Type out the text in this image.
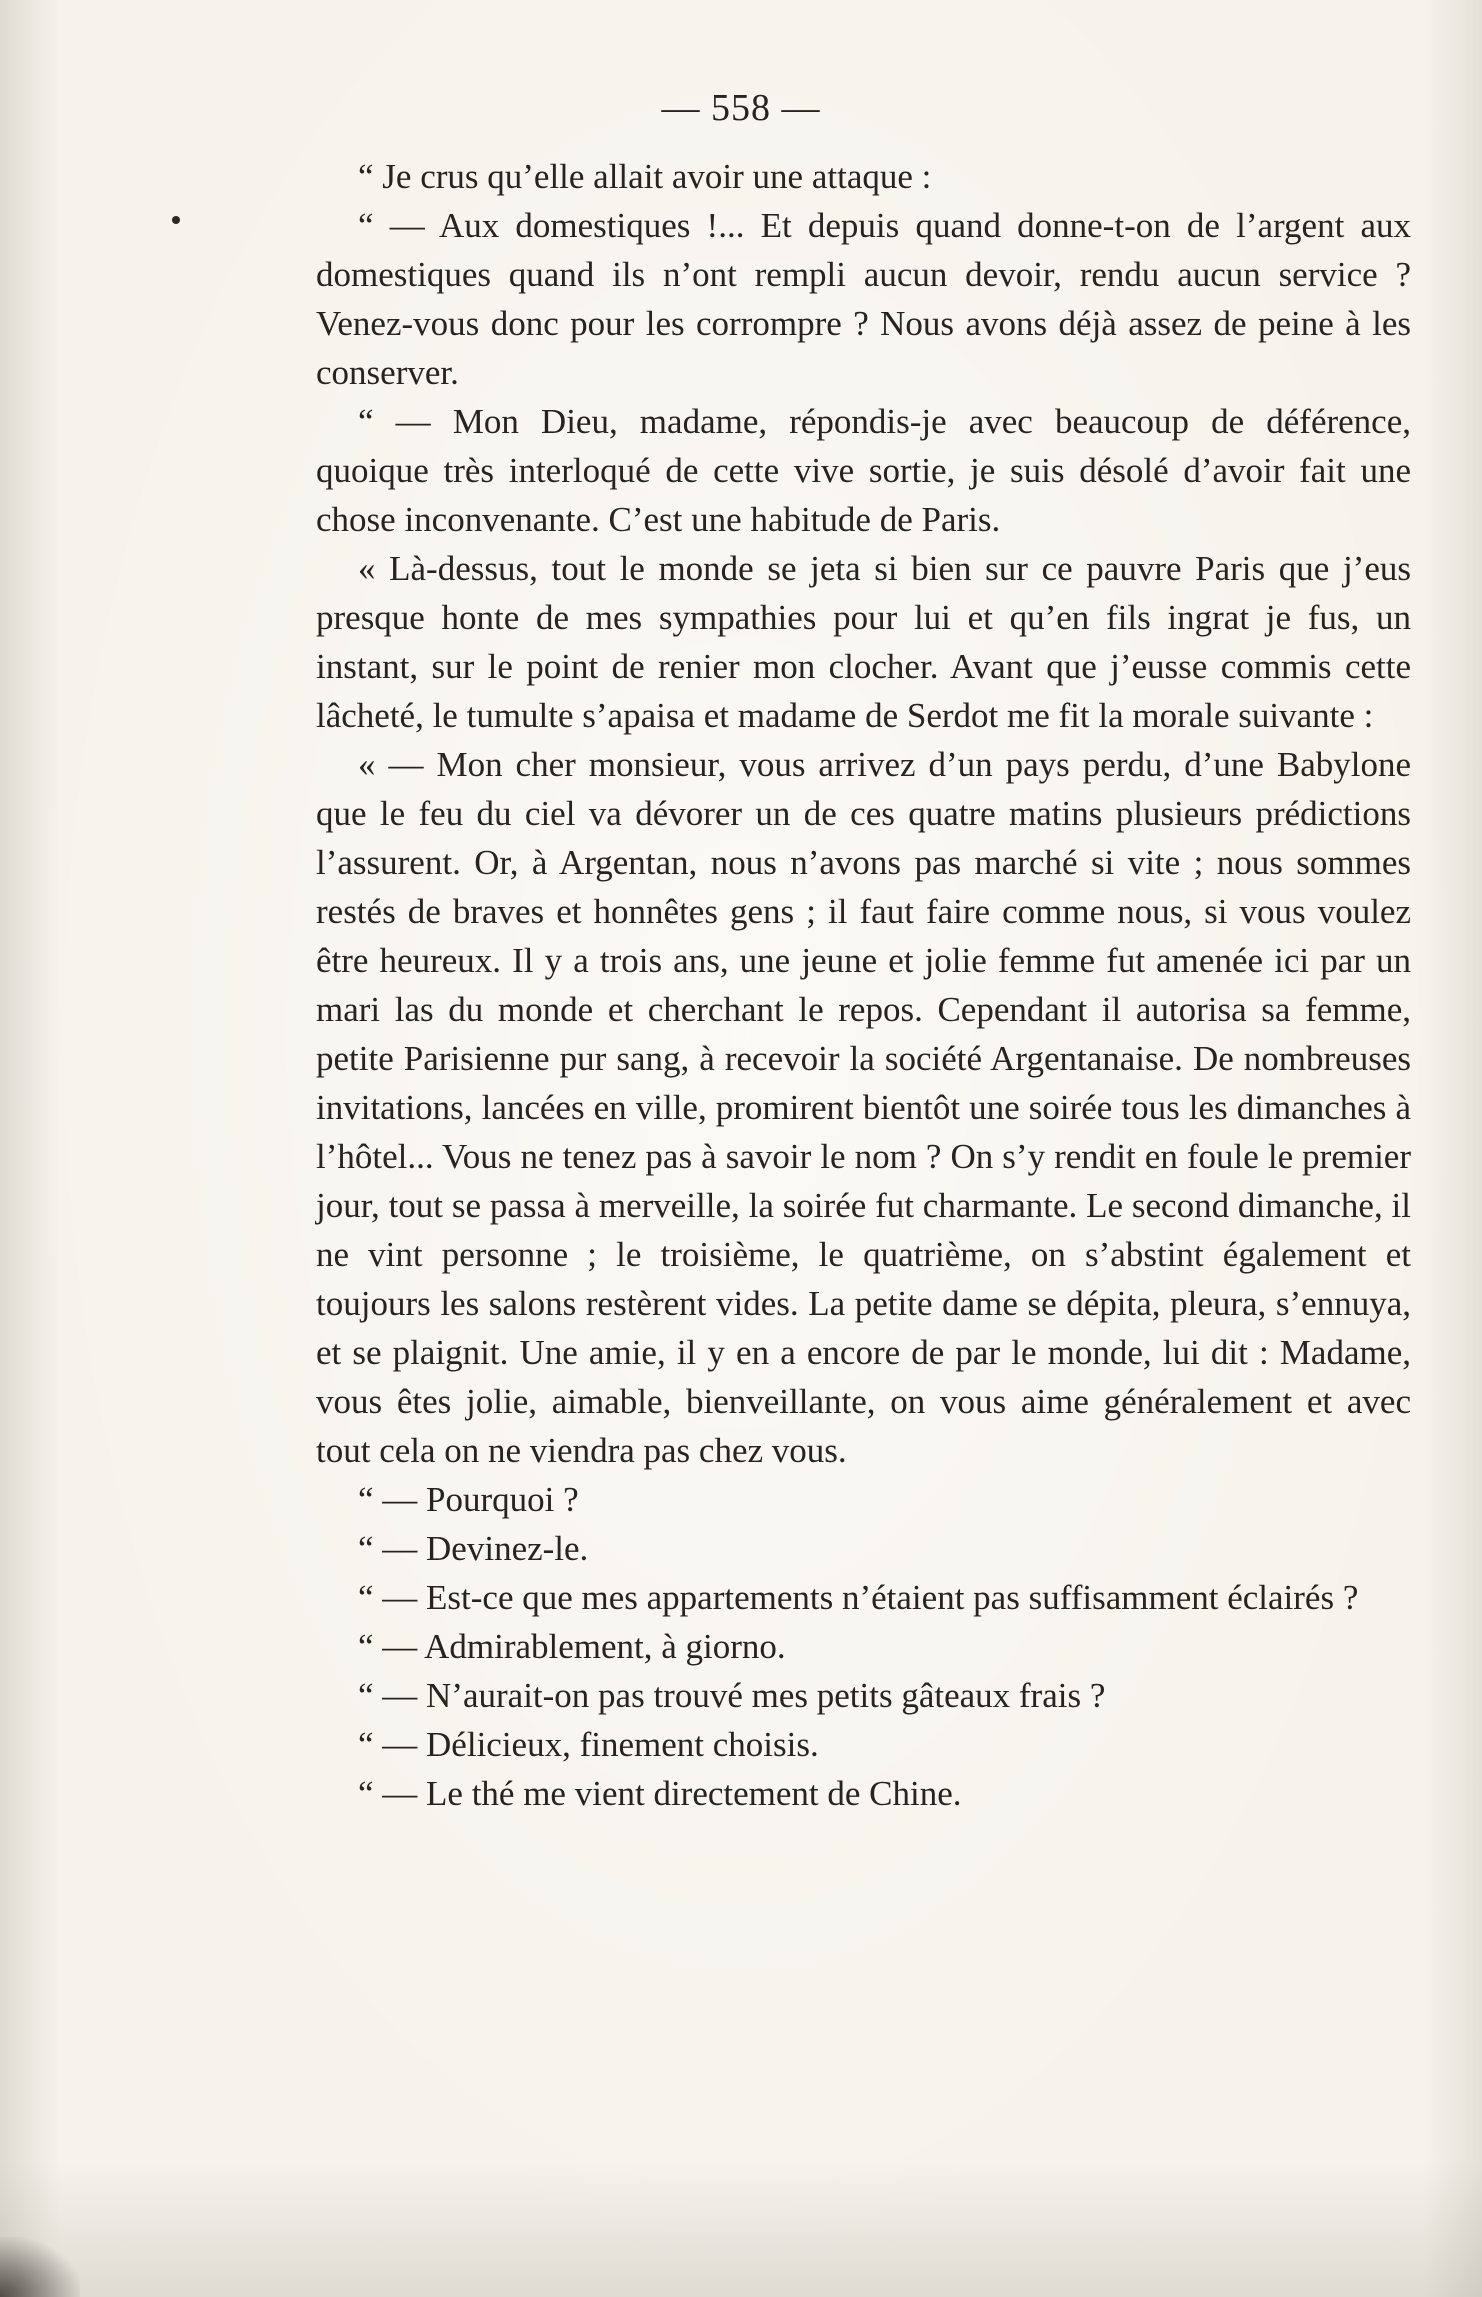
— 558 —

“ Je crus qu’elle allait avoir une attaque :

“ — Aux domestiques !... Et depuis quand donne-t-on de l’argent aux domestiques quand ils n’ont rempli aucun devoir, rendu aucun service ? Venez-vous donc pour les corrompre ? Nous avons déjà assez de peine à les conserver.

“ — Mon Dieu, madame, répondis-je avec beaucoup de déférence, quoique très interloqué de cette vive sortie, je suis désolé d’avoir fait une chose inconvenante. C’est une habitude de Paris.

« Là-dessus, tout le monde se jeta si bien sur ce pauvre Paris que j’eus presque honte de mes sympathies pour lui et qu’en fils ingrat je fus, un instant, sur le point de renier mon clocher. Avant que j’eusse commis cette lâcheté, le tumulte s’apaisa et madame de Serdot me fit la morale suivante :

« — Mon cher monsieur, vous arrivez d’un pays perdu, d’une Babylone que le feu du ciel va dévorer un de ces quatre matins plusieurs prédictions l’assurent. Or, à Argentan, nous n’avons pas marché si vite ; nous sommes restés de braves et honnêtes gens ; il faut faire comme nous, si vous voulez être heureux. Il y a trois ans, une jeune et jolie femme fut amenée ici par un mari las du monde et cherchant le repos. Cependant il autorisa sa femme, petite Parisienne pur sang, à recevoir la société Argentanaise. De nombreuses invitations, lancées en ville, promirent bientôt une soirée tous les dimanches à l’hôtel... Vous ne tenez pas à savoir le nom ? On s’y rendit en foule le premier jour, tout se passa à merveille, la soirée fut charmante. Le second dimanche, il ne vint personne ; le troisième, le quatrième, on s’abstint également et toujours les salons restèrent vides. La petite dame se dépita, pleura, s’ennuya, et se plaignit. Une amie, il y en a encore de par le monde, lui dit : Madame, vous êtes jolie, aimable, bienveillante, on vous aime généralement et avec tout cela on ne viendra pas chez vous.

“ — Pourquoi ?

“ — Devinez-le.

“ — Est-ce que mes appartements n’étaient pas suffisamment éclairés ?

“ — Admirablement, à giorno.

“ — N’aurait-on pas trouvé mes petits gâteaux frais ?

“ — Délicieux, finement choisis.

“ — Le thé me vient directement de Chine.
